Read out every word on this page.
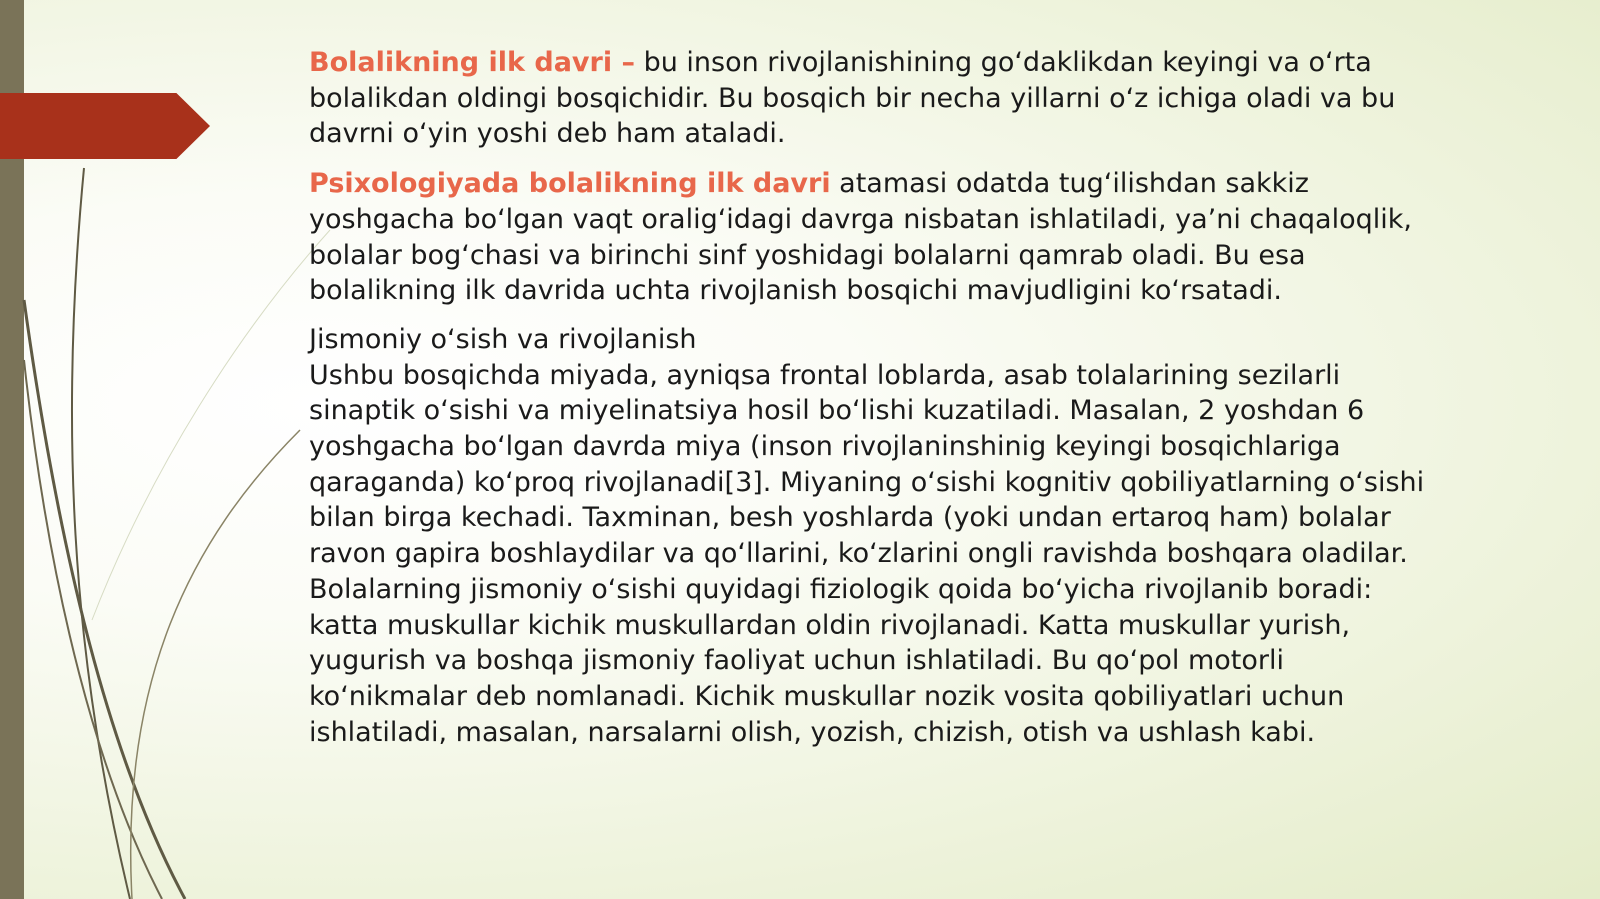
Bolalikning ilk davri – bu inson rivojlanishining go‘daklikdan keyingi va o‘rta bolalikdan oldingi bosqichidir. Bu bosqich bir necha yillarni o‘z ichiga oladi va bu davrni o‘yin yoshi deb ham ataladi.

Psixologiyada bolalikning ilk davri atamasi odatda tug‘ilishdan sakkiz yoshgacha bo‘lgan vaqt oralig‘idagi davrga nisbatan ishlatiladi, ya’ni chaqaloqlik, bolalar bog‘chasi va birinchi sinf yoshidagi bolalarni qamrab oladi. Bu esa bolalikning ilk davrida uchta rivojlanish bosqichi mavjudligini ko‘rsatadi.

Jismoniy o‘sish va rivojlanish

Ushbu bosqichda miyada, ayniqsa frontal loblarda, asab tolalarining sezilarli sinaptik o‘sishi va miyelinatsiya hosil bo‘lishi kuzatiladi. Masalan, 2 yoshdan 6 yoshgacha bo‘lgan davrda miya (inson rivojlaninshinig keyingi bosqichlariga qaraganda) ko‘proq rivojlanadi[3]. Miyaning o‘sishi kognitiv qobiliyatlarning o‘sishi bilan birga kechadi. Taxminan, besh yoshlarda (yoki undan ertaroq ham) bolalar ravon gapira boshlaydilar va qo‘llarini, ko‘zlarini ongli ravishda boshqara oladilar.

Bolalarning jismoniy o‘sishi quyidagi fiziologik qoida bo‘yicha rivojlanib boradi: katta muskullar kichik muskullardan oldin rivojlanadi. Katta muskullar yurish, yugurish va boshqa jismoniy faoliyat uchun ishlatiladi. Bu qo‘pol motorli ko‘nikmalar deb nomlanadi. Kichik muskullar nozik vosita qobiliyatlari uchun ishlatiladi, masalan, narsalarni olish, yozish, chizish, otish va ushlash kabi.
